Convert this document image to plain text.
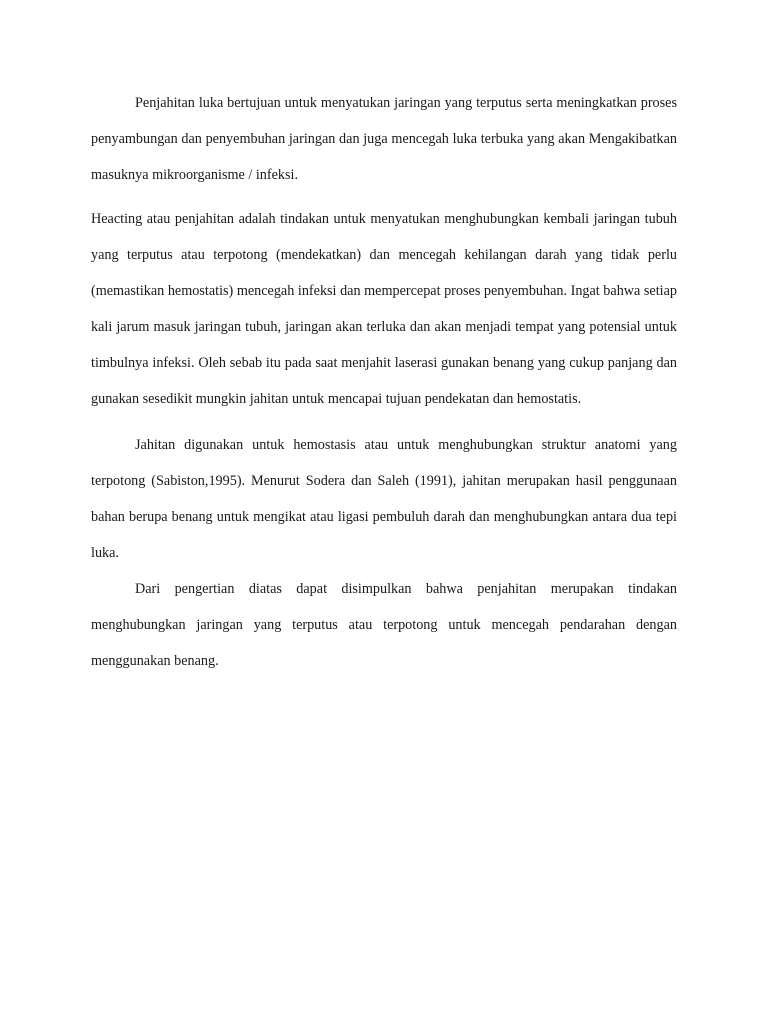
Penjahitan luka bertujuan untuk menyatukan jaringan yang terputus serta meningkatkan proses penyambungan dan penyembuhan jaringan dan juga mencegah luka terbuka yang akan Mengakibatkan masuknya mikroorganisme / infeksi.

Heacting atau penjahitan adalah tindakan untuk menyatukan menghubungkan kembali jaringan tubuh yang terputus atau terpotong (mendekatkan) dan mencegah kehilangan darah yang tidak perlu (memastikan hemostatis) mencegah infeksi dan mempercepat proses penyembuhan. Ingat bahwa setiap kali jarum masuk jaringan tubuh, jaringan akan terluka dan akan menjadi tempat yang potensial untuk timbulnya infeksi. Oleh sebab itu pada saat menjahit laserasi gunakan benang yang cukup panjang dan gunakan sesedikit mungkin jahitan untuk mencapai tujuan pendekatan dan hemostatis.

Jahitan digunakan untuk hemostasis atau untuk menghubungkan struktur anatomi yang terpotong (Sabiston,1995). Menurut Sodera dan Saleh (1991), jahitan merupakan hasil penggunaan bahan berupa benang untuk mengikat atau ligasi pembuluh darah dan menghubungkan antara dua tepi luka.

Dari pengertian diatas dapat disimpulkan bahwa penjahitan merupakan tindakan menghubungkan jaringan yang terputus atau terpotong untuk mencegah pendarahan dengan menggunakan benang.
